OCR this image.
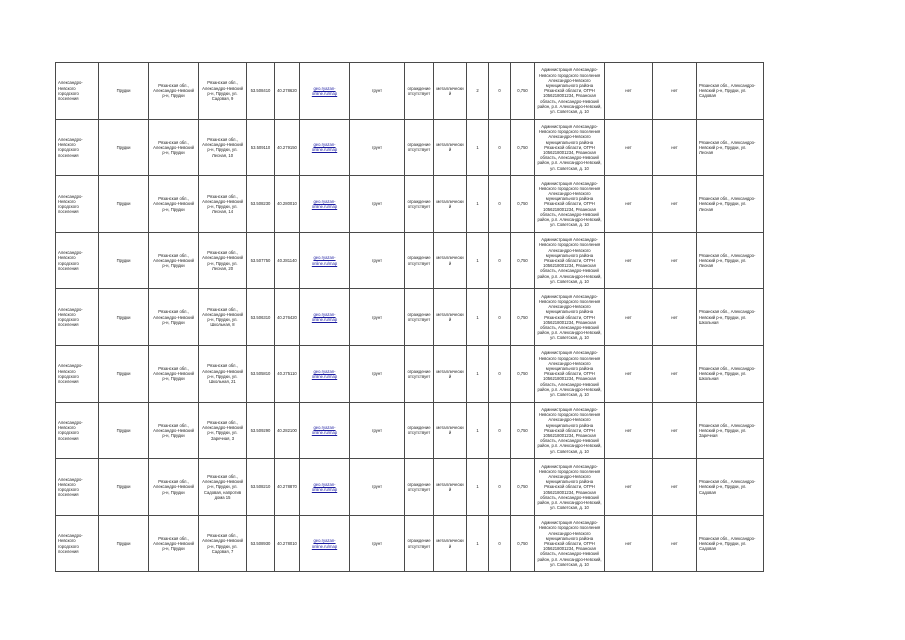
Александро-Невского городского поселения	Прудки	Рязанская обл., Александро-Невский р-н, Прудки	Рязанская обл., Александро-Невский р-н, Прудки, ул. Садовая, 9	53.508410	40.278620	geo.ryazan-online.ru/map	грунт	ограждение отсутствует	металлический	2	0	0,750	Администрация Александро-Невского городского поселения Александро-Невского муниципального района Рязанской области, ОГРН 1056218001234, Рязанская область, Александро-Невский район, р.п. Александро-Невский, ул. Советская, д. 10	нет	нет	Рязанская обл., Александро-Невский р-н, Прудки, ул. Садовая
Александро-Невского городского поселения	Прудки	Рязанская обл., Александро-Невский р-н, Прудки	Рязанская обл., Александро-Невский р-н, Прудки, ул. Лесная, 10	53.509110	40.279150	geo.ryazan-online.ru/map	грунт	ограждение отсутствует	металлический	1	0	0,750	Администрация Александро-Невского городского поселения Александро-Невского муниципального района Рязанской области, ОГРН 1056218001234, Рязанская область, Александро-Невский район, р.п. Александро-Невский, ул. Советская, д. 10	нет	нет	Рязанская обл., Александро-Невский р-н, Прудки, ул. Лесная
Александро-Невского городского поселения	Прудки	Рязанская обл., Александро-Невский р-н, Прудки	Рязанская обл., Александро-Невский р-н, Прудки, ул. Лесная, 14	53.508230	40.280010	geo.ryazan-online.ru/map	грунт	ограждение отсутствует	металлический	1	0	0,750	Администрация Александро-Невского городского поселения Александро-Невского муниципального района Рязанской области, ОГРН 1056218001234, Рязанская область, Александро-Невский район, р.п. Александро-Невский, ул. Советская, д. 10	нет	нет	Рязанская обл., Александро-Невский р-н, Прудки, ул. Лесная
Александро-Невского городского поселения	Прудки	Рязанская обл., Александро-Невский р-н, Прудки	Рязанская обл., Александро-Невский р-н, Прудки, ул. Лесная, 20	53.507750	40.281140	geo.ryazan-online.ru/map	грунт	ограждение отсутствует	металлический	1	0	0,750	Администрация Александро-Невского городского поселения Александро-Невского муниципального района Рязанской области, ОГРН 1056218001234, Рязанская область, Александро-Невский район, р.п. Александро-Невский, ул. Советская, д. 10	нет	нет	Рязанская обл., Александро-Невский р-н, Прудки, ул. Лесная
Александро-Невского городского поселения	Прудки	Рязанская обл., Александро-Невский р-н, Прудки	Рязанская обл., Александро-Невский р-н, Прудки, ул. Школьная, 8	53.506310	40.276420	geo.ryazan-online.ru/map	грунт	ограждение отсутствует	металлический	1	0	0,750	Администрация Александро-Невского городского поселения Александро-Невского муниципального района Рязанской области, ОГРН 1056218001234, Рязанская область, Александро-Невский район, р.п. Александро-Невский, ул. Советская, д. 10	нет	нет	Рязанская обл., Александро-Невский р-н, Прудки, ул. Школьная
Александро-Невского городского поселения	Прудки	Рязанская обл., Александро-Невский р-н, Прудки	Рязанская обл., Александро-Невский р-н, Прудки, ул. Школьная, 21	53.505810	40.275110	geo.ryazan-online.ru/map	грунт	ограждение отсутствует	металлический	1	0	0,750	Администрация Александро-Невского городского поселения Александро-Невского муниципального района Рязанской области, ОГРН 1056218001234, Рязанская область, Александро-Невский район, р.п. Александро-Невский, ул. Советская, д. 10	нет	нет	Рязанская обл., Александро-Невский р-н, Прудки, ул. Школьная
Александро-Невского городского поселения	Прудки	Рязанская обл., Александро-Невский р-н, Прудки	Рязанская обл., Александро-Невский р-н, Прудки, ул. Заречная, 3	53.509290	40.282100	geo.ryazan-online.ru/map	грунт	ограждение отсутствует	металлический	1	0	0,750	Администрация Александро-Невского городского поселения Александро-Невского муниципального района Рязанской области, ОГРН 1056218001234, Рязанская область, Александро-Невский район, р.п. Александро-Невский, ул. Советская, д. 10	нет	нет	Рязанская обл., Александро-Невский р-н, Прудки, ул. Заречная
Александро-Невского городского поселения	Прудки	Рязанская обл., Александро-Невский р-н, Прудки	Рязанская обл., Александро-Невский р-н, Прудки, ул. Садовая, напротив дома 15	53.508210	40.278870	geo.ryazan-online.ru/map	грунт	ограждение отсутствует	металлический	1	0	0,750	Администрация Александро-Невского городского поселения Александро-Невского муниципального района Рязанской области, ОГРН 1056218001234, Рязанская область, Александро-Невский район, р.п. Александро-Невский, ул. Советская, д. 10	нет	нет	Рязанская обл., Александро-Невский р-н, Прудки, ул. Садовая
Александро-Невского городского поселения	Прудки	Рязанская обл., Александро-Невский р-н, Прудки	Рязанская обл., Александро-Невский р-н, Прудки, ул. Садовая, 7	53.508930	40.278010	geo.ryazan-online.ru/map	грунт	ограждение отсутствует	металлический	1	0	0,750	Администрация Александро-Невского городского поселения Александро-Невского муниципального района Рязанской области, ОГРН 1056218001234, Рязанская область, Александро-Невский район, р.п. Александро-Невский, ул. Советская, д. 10	нет	нет	Рязанская обл., Александро-Невский р-н, Прудки, ул. Садовая
